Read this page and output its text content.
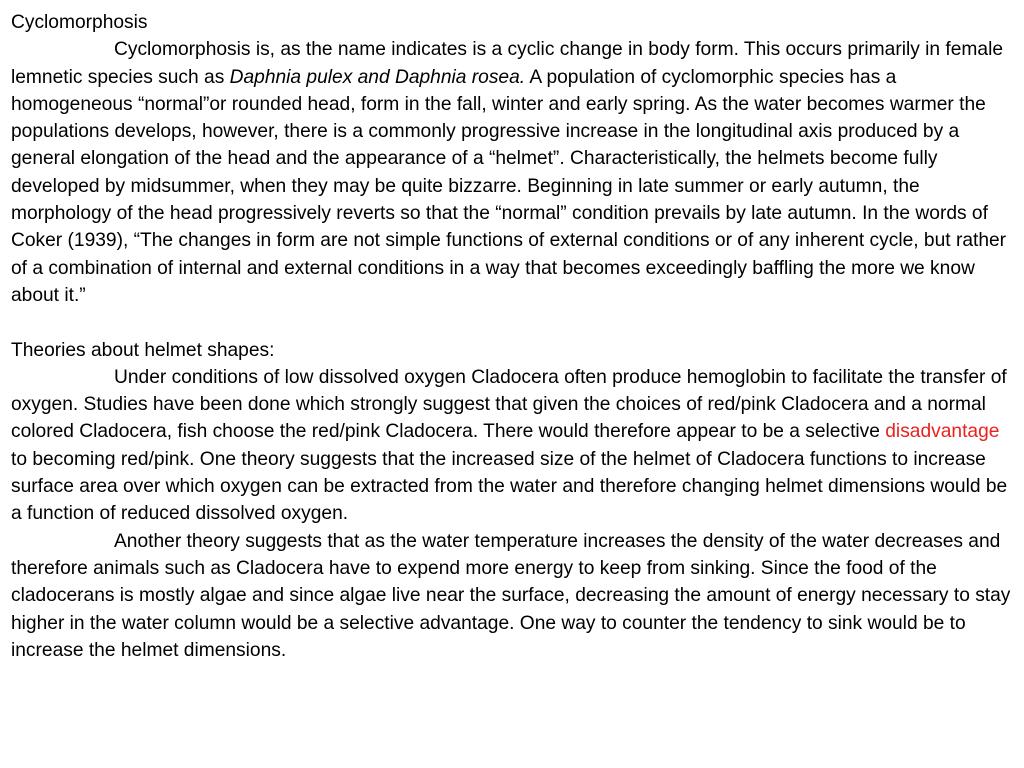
Cyclomorphosis

Cyclomorphosis is, as the name indicates is a cyclic change in body form. This occurs primarily in female lemnetic species such as Daphnia pulex and Daphnia rosea. A population of cyclomorphic species has a homogeneous “normal”or rounded head, form in the fall, winter and early spring. As the water becomes warmer the populations develops, however, there is a commonly progressive increase in the longitudinal axis produced by a general elongation of the head and the appearance of a “helmet”. Characteristically, the helmets become fully developed by midsummer, when they may be quite bizzarre. Beginning in late summer or early autumn, the morphology of the head progressively reverts so that the “normal” condition prevails by late autumn. In the words of Coker (1939), “The changes in form are not simple functions of external conditions or of any inherent cycle, but rather of a combination of internal and external conditions in a way that becomes exceedingly baffling the more we know about it.”

Theories about helmet shapes:

Under conditions of low dissolved oxygen Cladocera often produce hemoglobin to facilitate the transfer of oxygen. Studies have been done which strongly suggest that given the choices of red/pink Cladocera and a normal colored Cladocera, fish choose the red/pink Cladocera. There would therefore appear to be a selective disadvantage to becoming red/pink. One theory suggests that the increased size of the helmet of Cladocera functions to increase surface area over which oxygen can be extracted from the water and therefore changing helmet dimensions would be a function of reduced dissolved oxygen.

Another theory suggests that as the water temperature increases the density of the water decreases and therefore animals such as Cladocera have to expend more energy to keep from sinking. Since the food of the cladocerans is mostly algae and since algae live near the surface, decreasing the amount of energy necessary to stay higher in the water column would be a selective advantage. One way to counter the tendency to sink would be to increase the helmet dimensions.
